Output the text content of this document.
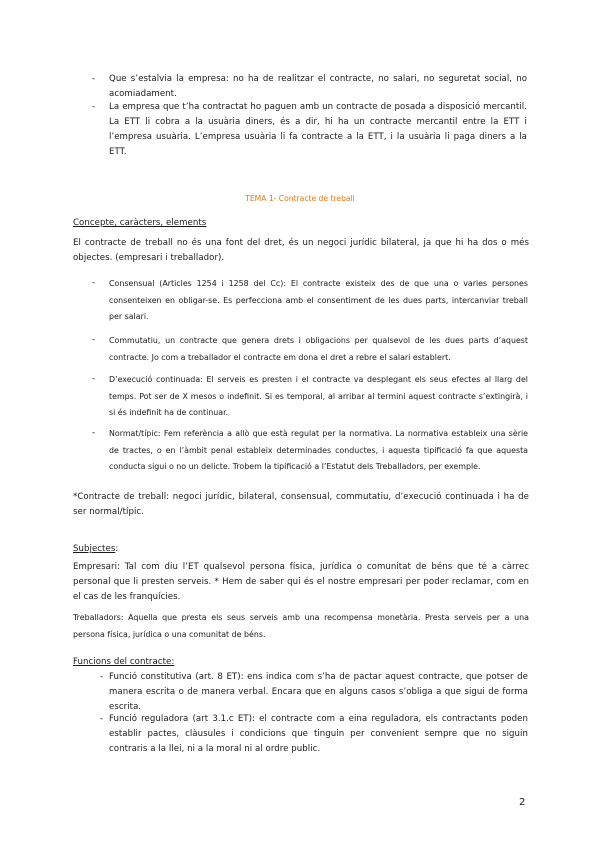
- Que s’estalvia la empresa: no ha de realitzar el contracte, no salari, no seguretat social, no acomiadament.

- La empresa que t’ha contractat ho paguen amb un contracte de posada a disposició mercantil. La ETT li cobra a la usuària diners, és a dir, hi ha un contracte mercantil entre la ETT i l’empresa usuària. L’empresa usuària li fa contracte a la ETT, i la usuària li paga diners a la ETT.

TEMA 1- Contracte de treball
Concepte, caràcters, elements

El contracte de treball no és una font del dret, és un negoci jurídic bilateral, ja que hi ha dos o més objectes. (empresari i treballador).

- Consensual (Articles 1254 i 1258 del Cc): El contracte existeix des de que una o varies persones consenteixen en obligar-se. Es perfecciona amb el consentiment de les dues parts, intercanviar treball per salari.

- Commutatiu, un contracte que genera drets i obligacions per qualsevol de les dues parts d’aquest contracte. Jo com a treballador el contracte em dona el dret a rebre el salari establert.

- D’execució continuada: El serveis es presten i el contracte va desplegant els seus efectes al llarg del temps. Pot ser de X mesos o indefinit. Si es temporal, al arribar al termini aquest contracte s’extingirà, i si és indefinit ha de continuar.

- Normat/típic: Fem referència a allò que està regulat per la normativa. La normativa estableix una sèrie de tractes, o en l’àmbit penal estableix determinades conductes, i aquesta tipificació fa que aquesta conducta sigui o no un delicte. Trobem la tipificació a l’Estatut dels Treballadors, per exemple.

*Contracte de treball: negoci jurídic, bilateral, consensual, commutatiu, d’execució continuada i ha de ser normal/típic.

Subjectes:

Empresari: Tal com diu l’ET qualsevol persona física, jurídica o comunitat de béns que té a càrrec personal que li presten serveis. * Hem de saber qui és el nostre empresari per poder reclamar, com en el cas de les franquícies.

Treballadors: Aquella que presta els seus serveis amb una recompensa monetària. Presta serveis per a una persona física, jurídica o una comunitat de béns.

Funcions del contracte:
- Funció constitutiva (art. 8 ET): ens indica com s’ha de pactar aquest contracte, que potser de manera escrita o de manera verbal. Encara que en alguns casos s’obliga a que sigui de forma escrita.

- Funció reguladora (art 3.1.c ET): el contracte com a eina reguladora, els contractants poden establir pactes, clàusules i condicions que tinguin per convenient sempre que no siguin contraris a la llei, ni a la moral ni al ordre public.

2
